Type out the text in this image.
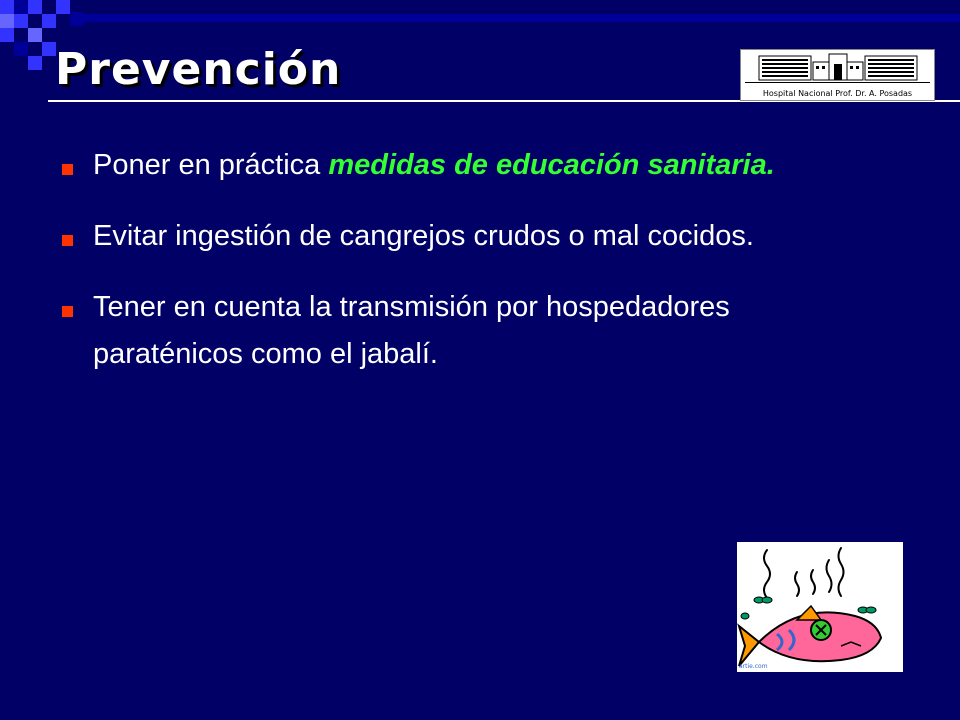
Prevención	Hospital Nacional Prof. Dr. A. Posadas

Poner en práctica medidas de educación sanitaria.

Evitar ingestión de cangrejos crudos o mal cocidos.

Tener en cuenta la transmisión por hospedadores paraténicos como el jabalí.

artie.com
